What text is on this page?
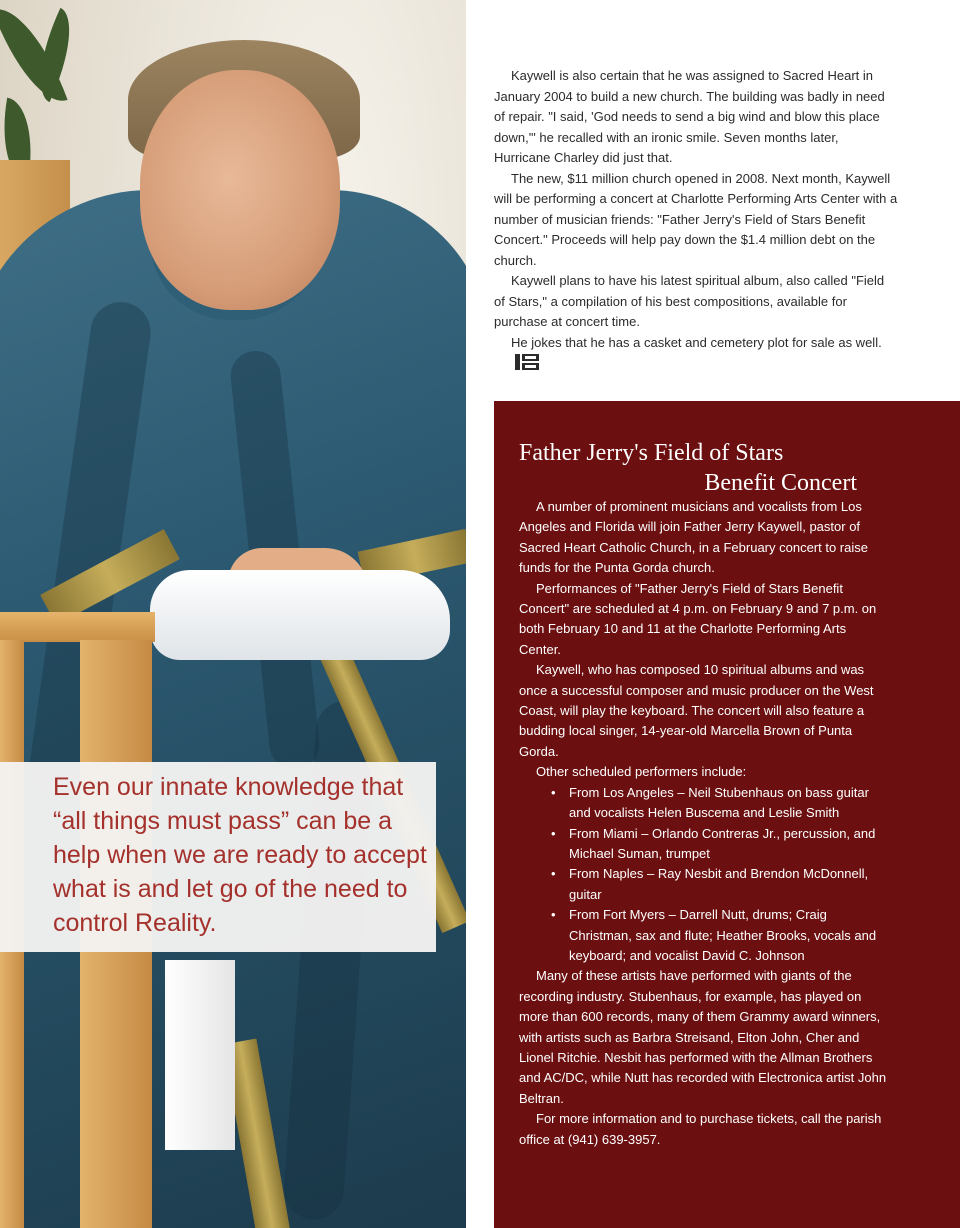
Even our innate knowledge that “all things must pass” can be a help when we are ready to accept what is and let go of the need to control Reality.

Kaywell is also certain that he was assigned to Sacred Heart in January 2004 to build a new church. The building was badly in need of repair. "I said, 'God needs to send a big wind and blow this place down,'" he recalled with an ironic smile. Seven months later, Hurricane Charley did just that.

The new, $11 million church opened in 2008. Next month, Kaywell will be performing a concert at Charlotte Performing Arts Center with a number of musician friends: "Father Jerry's Field of Stars Benefit Concert." Proceeds will help pay down the $1.4 million debt on the church.

Kaywell plans to have his latest spiritual album, also called "Field of Stars," a compilation of his best compositions, available for purchase at concert time.

He jokes that he has a casket and cemetery plot for sale as well.

Father Jerry's Field of Stars
Benefit Concert

A number of prominent musicians and vocalists from Los Angeles and Florida will join Father Jerry Kaywell, pastor of Sacred Heart Catholic Church, in a February concert to raise funds for the Punta Gorda church.

Performances of "Father Jerry's Field of Stars Benefit Concert" are scheduled at 4 p.m. on February 9 and 7 p.m. on both February 10 and 11 at the Charlotte Performing Arts Center.

Kaywell, who has composed 10 spiritual albums and was once a successful composer and music producer on the West Coast, will play the keyboard. The concert will also feature a budding local singer, 14-year-old Marcella Brown of Punta Gorda.

Other scheduled performers include:

• From Los Angeles – Neil Stubenhaus on bass guitar and vocalists Helen Buscema and Leslie Smith
• From Miami – Orlando Contreras Jr., percussion, and Michael Suman, trumpet
• From Naples – Ray Nesbit and Brendon McDonnell, guitar
• From Fort Myers – Darrell Nutt, drums; Craig Christman, sax and flute; Heather Brooks, vocals and keyboard; and vocalist David C. Johnson

Many of these artists have performed with giants of the recording industry. Stubenhaus, for example, has played on more than 600 records, many of them Grammy award winners, with artists such as Barbra Streisand, Elton John, Cher and Lionel Ritchie. Nesbit has performed with the Allman Brothers and AC/DC, while Nutt has recorded with Electronica artist John Beltran.

For more information and to purchase tickets, call the parish office at (941) 639-3957.
